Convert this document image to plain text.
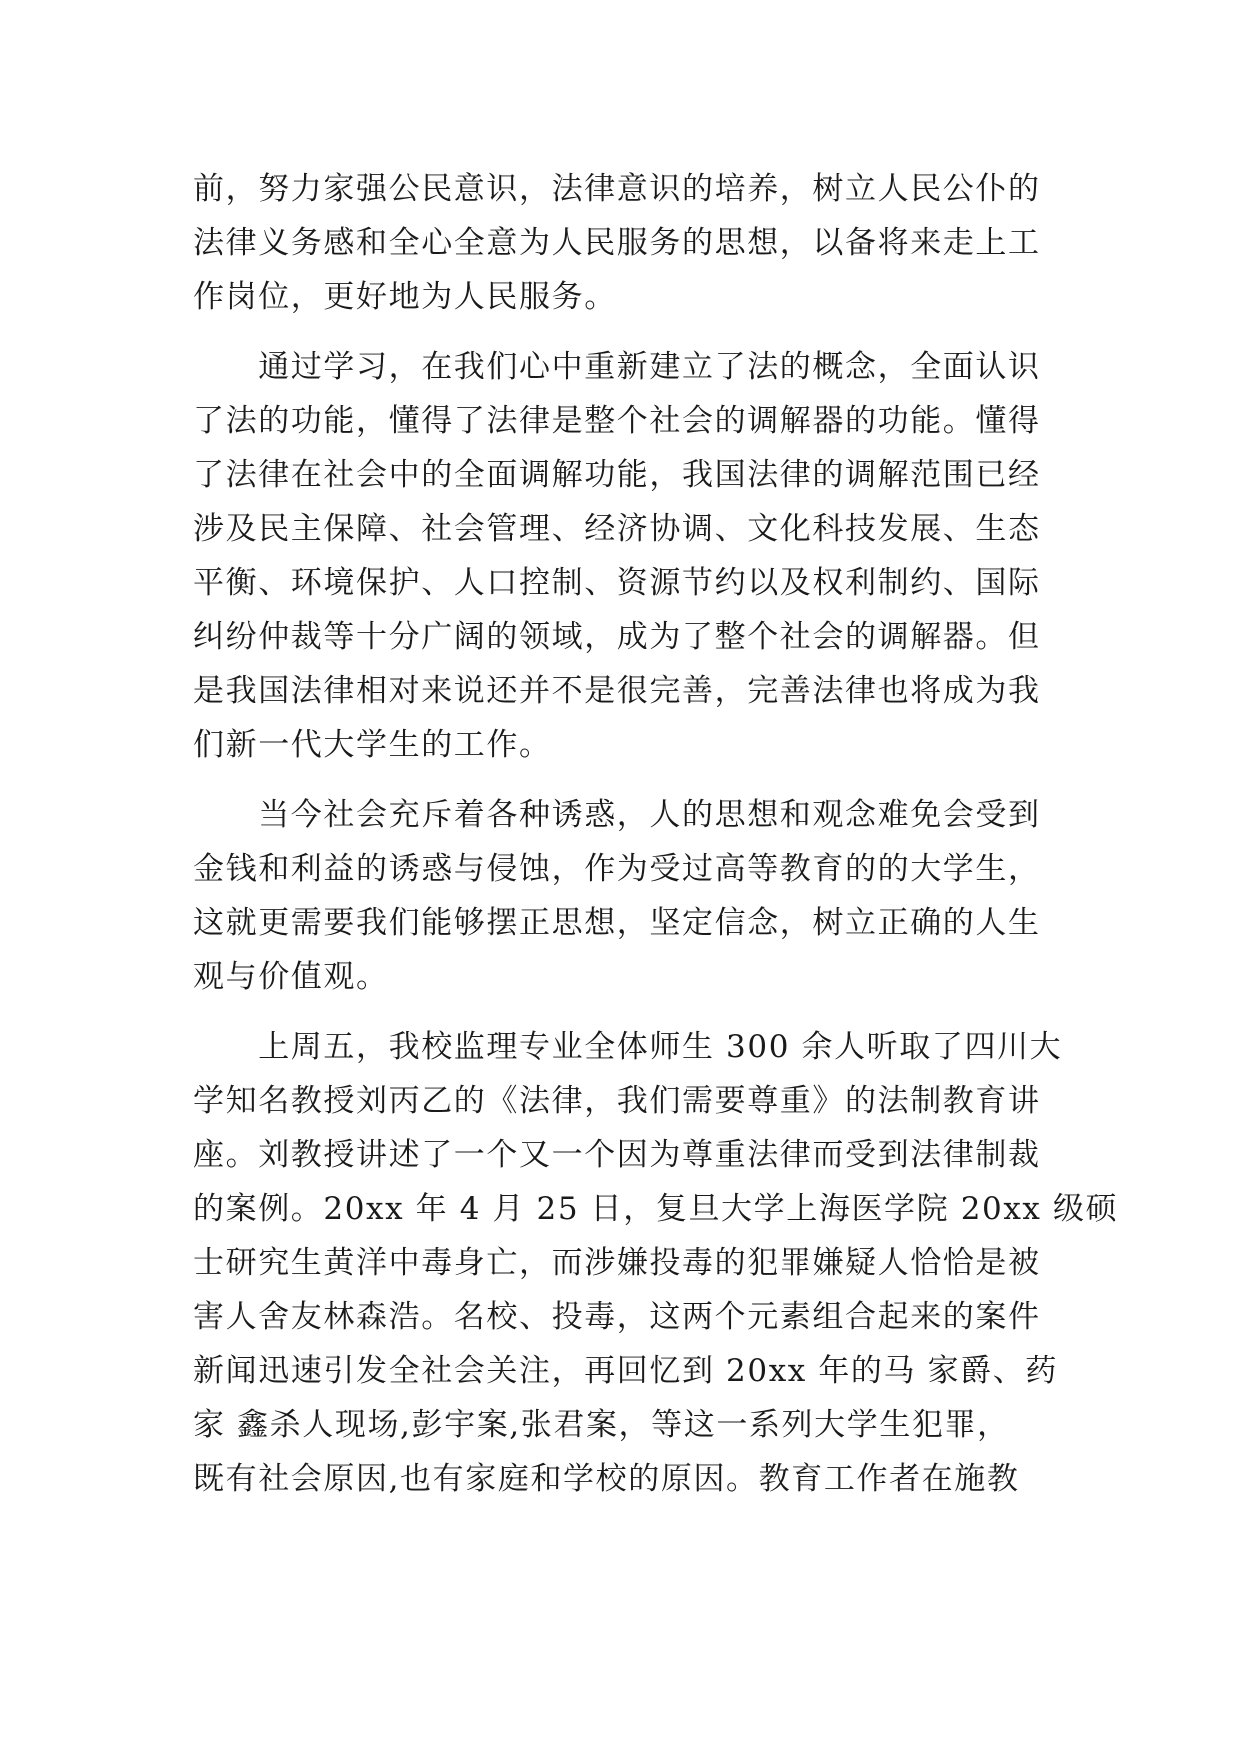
前，努力家强公民意识，法律意识的培养，树立人民公仆的
法律义务感和全心全意为人民服务的思想，以备将来走上工
作岗位，更好地为人民服务。
　　通过学习，在我们心中重新建立了法的概念，全面认识
了法的功能，懂得了法律是整个社会的调解器的功能。懂得
了法律在社会中的全面调解功能，我国法律的调解范围已经
涉及民主保障、社会管理、经济协调、文化科技发展、生态
平衡、环境保护、人口控制、资源节约以及权利制约、国际
纠纷仲裁等十分广阔的领域，成为了整个社会的调解器。但
是我国法律相对来说还并不是很完善，完善法律也将成为我
们新一代大学生的工作。
　　当今社会充斥着各种诱惑，人的思想和观念难免会受到
金钱和利益的诱惑与侵蚀，作为受过高等教育的的大学生，
这就更需要我们能够摆正思想，坚定信念，树立正确的人生
观与价值观。
　　上周五，我校监理专业全体师生 300 余人听取了四川大
学知名教授刘丙乙的《法律，我们需要尊重》的法制教育讲
座。刘教授讲述了一个又一个因为尊重法律而受到法律制裁
的案例。20xx 年 4 月 25 日，复旦大学上海医学院 20xx 级硕
士研究生黄洋中毒身亡，而涉嫌投毒的犯罪嫌疑人恰恰是被
害人舍友林森浩。名校、投毒，这两个元素组合起来的案件
新闻迅速引发全社会关注，再回忆到 20xx 年的马 家爵、药
家 鑫杀人现场,彭宇案,张君案，等这一系列大学生犯罪，
既有社会原因,也有家庭和学校的原因。教育工作者在施教
